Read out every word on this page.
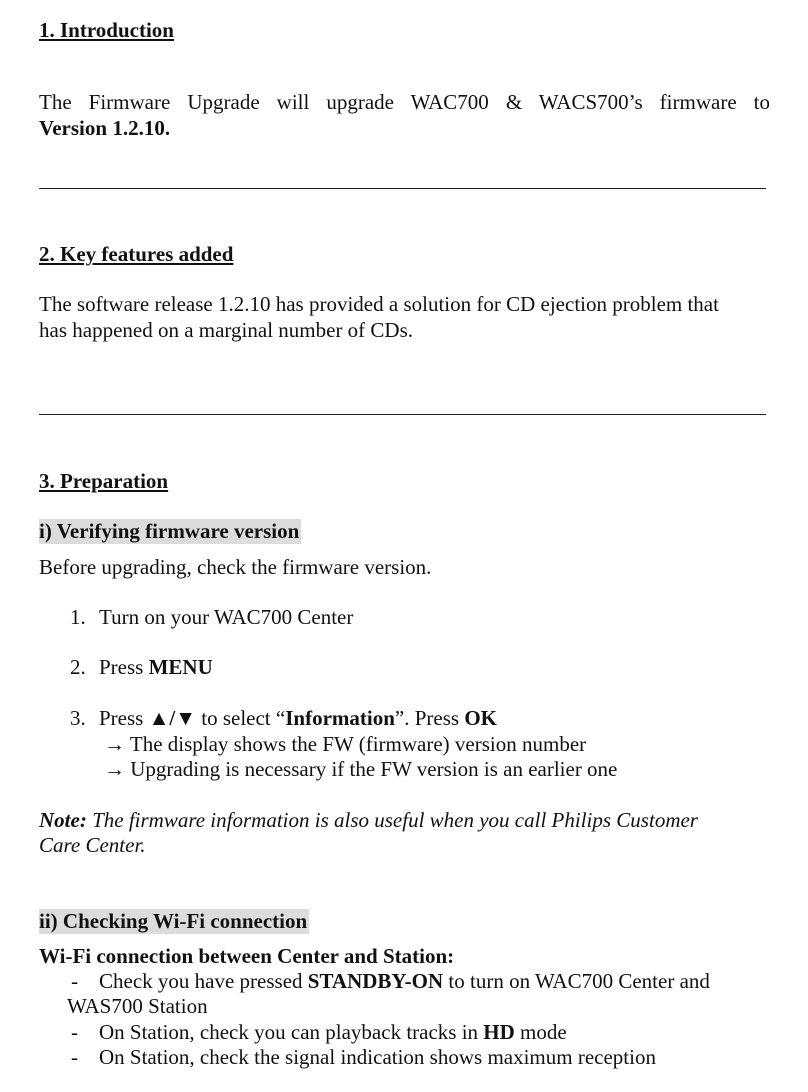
1. Introduction
The Firmware Upgrade will upgrade WAC700 & WACS700’s firmware to
Version 1.2.10.
2. Key features added
The software release 1.2.10 has provided a solution for CD ejection problem that
has happened on a marginal number of CDs.
3. Preparation
i) Verifying firmware version
Before upgrading, check the firmware version.
1. Turn on your WAC700 Center
2. Press MENU
3. Press ▲/▼ to select “Information”. Press OK
→ The display shows the FW (firmware) version number
→ Upgrading is necessary if the FW version is an earlier one
Note: The firmware information is also useful when you call Philips Customer
Care Center.
ii) Checking Wi-Fi connection
Wi-Fi connection between Center and Station:
- Check you have pressed STANDBY-ON to turn on WAC700 Center and
WAS700 Station
- On Station, check you can playback tracks in HD mode
- On Station, check the signal indication shows maximum reception
